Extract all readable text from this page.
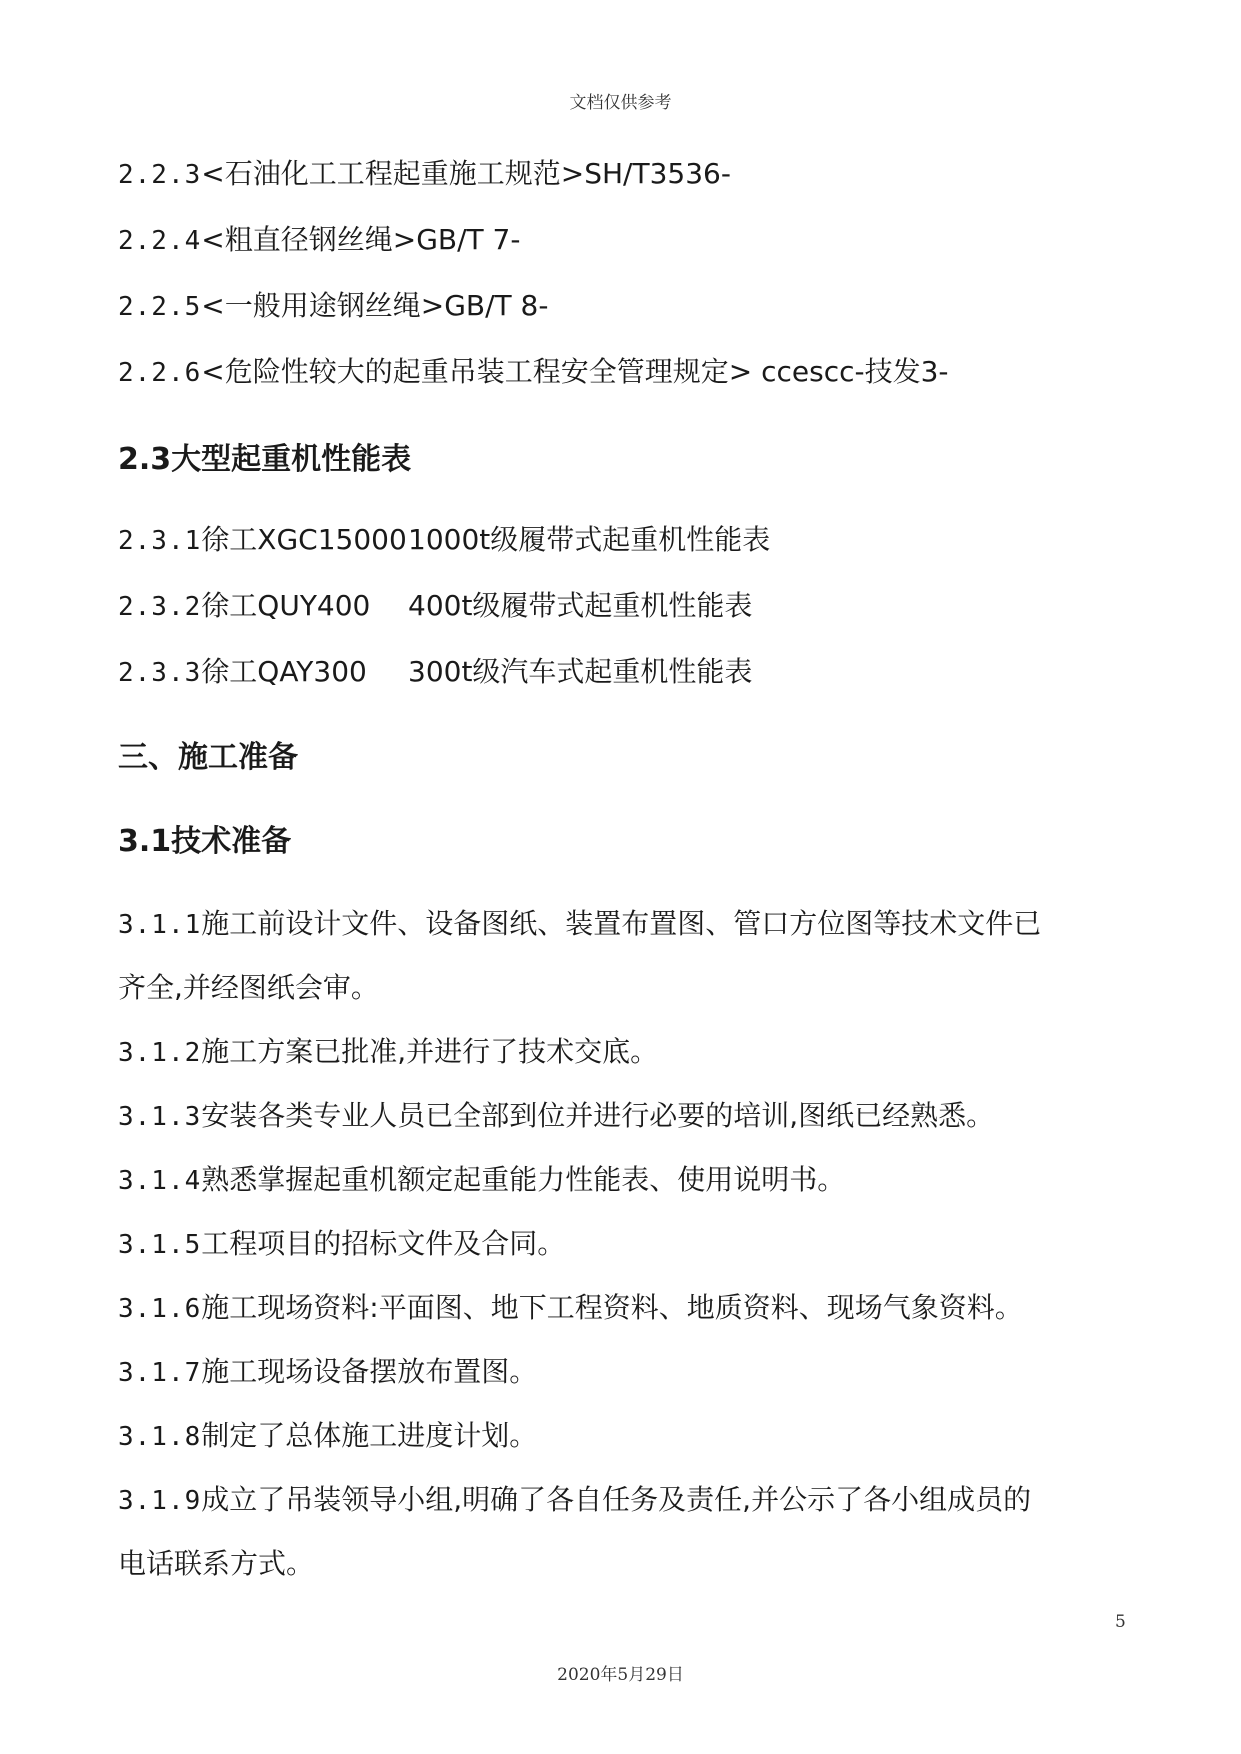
文档仅供参考
2.2.3<石油化工工程起重施工规范>SH/T3536-
2.2.4<粗直径钢丝绳>GB/T 7-
2.2.5<一般用途钢丝绳>GB/T 8-
2.2.6<危险性较大的起重吊装工程安全管理规定> ccescc-技发3-
2.3大型起重机性能表
2.3.1徐工XGC15000 1000t级履带式起重机性能表
2.3.2徐工QUY400 400t级履带式起重机性能表
2.3.3徐工QAY300 300t级汽车式起重机性能表
三、施工准备
3.1技术准备
3.1.1施工前设计文件、设备图纸、装置布置图、管口方位图等技术文件已
齐全,并经图纸会审。
3.1.2施工方案已批准,并进行了技术交底。
3.1.3安装各类专业人员已全部到位并进行必要的培训,图纸已经熟悉。
3.1.4熟悉掌握起重机额定起重能力性能表、使用说明书。
3.1.5工程项目的招标文件及合同。
3.1.6施工现场资料:平面图、地下工程资料、地质资料、现场气象资料。
3.1.7施工现场设备摆放布置图。
3.1.8制定了总体施工进度计划。
3.1.9成立了吊装领导小组,明确了各自任务及责任,并公示了各小组成员的
电话联系方式。
5
2020年5月29日
